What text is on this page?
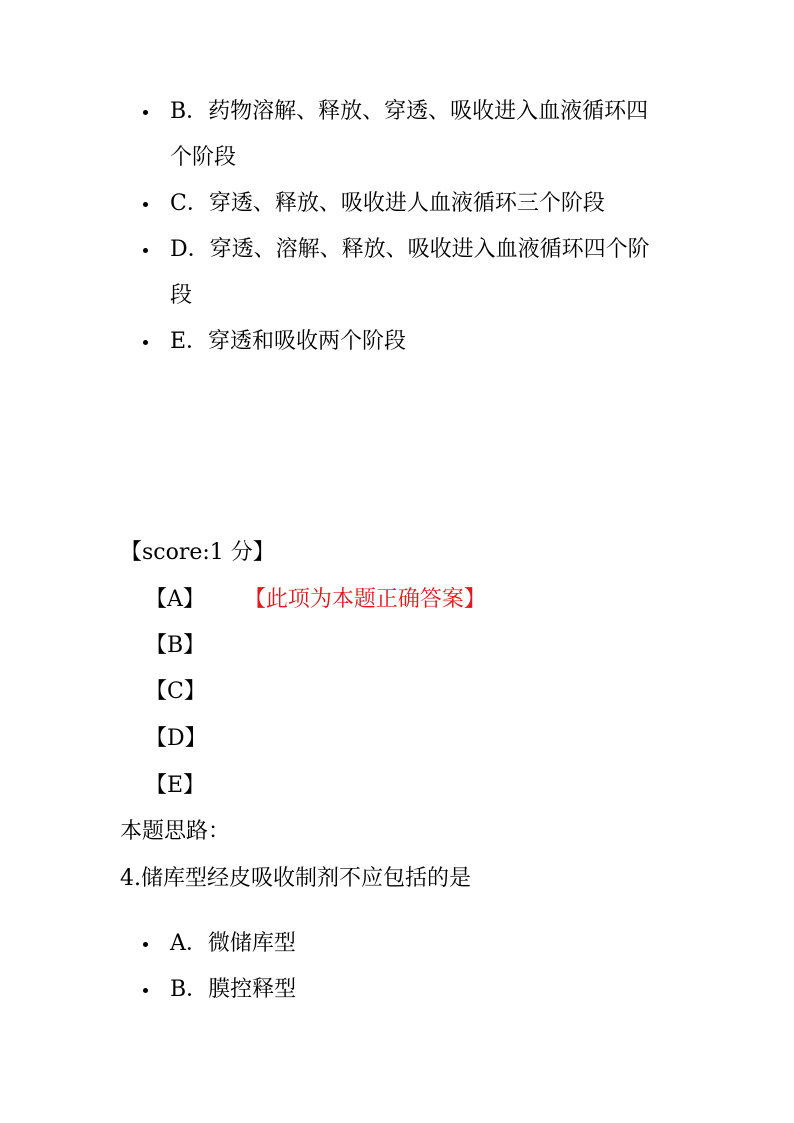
B．药物溶解、释放、穿透、吸收进入血液循环四个阶段
C．穿透、释放、吸收进人血液循环三个阶段
D．穿透、溶解、释放、吸收进入血液循环四个阶段
E．穿透和吸收两个阶段
【score:1 分】
【A】 【此项为本题正确答案】
【B】
【C】
【D】
【E】
本题思路：
4.储库型经皮吸收制剂不应包括的是
A．微储库型
B．膜控释型
